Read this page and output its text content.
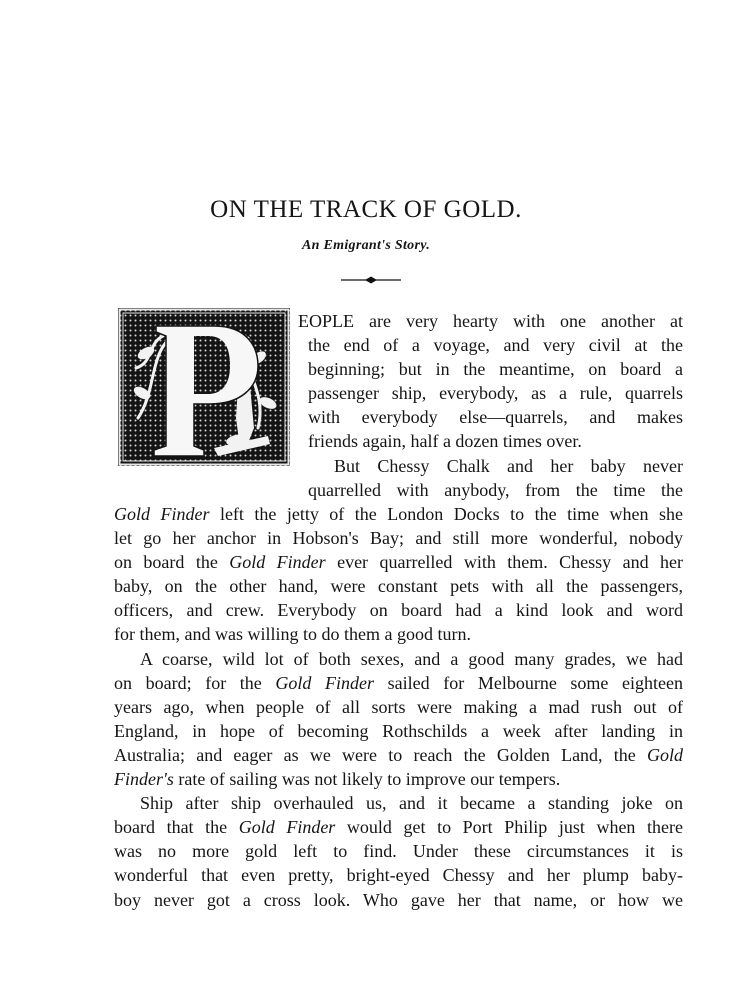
ON THE TRACK OF GOLD.
An Emigrant's Story.
EOPLE are very hearty with one another at
the end of a voyage, and very civil at the
beginning; but in the meantime, on board a
passenger ship, everybody, as a rule, quarrels
with everybody else—quarrels, and makes
friends again, half a dozen times over.
But Chessy Chalk and her baby never
quarrelled with anybody, from the time the
Gold Finder left the jetty of the London Docks to the time when she
let go her anchor in Hobson's Bay; and still more wonderful, nobody
on board the Gold Finder ever quarrelled with them. Chessy and her
baby, on the other hand, were constant pets with all the passengers,
officers, and crew. Everybody on board had a kind look and word
for them, and was willing to do them a good turn.
A coarse, wild lot of both sexes, and a good many grades, we had
on board; for the Gold Finder sailed for Melbourne some eighteen
years ago, when people of all sorts were making a mad rush out of
England, in hope of becoming Rothschilds a week after landing in
Australia; and eager as we were to reach the Golden Land, the Gold
Finder's rate of sailing was not likely to improve our tempers.
Ship after ship overhauled us, and it became a standing joke on
board that the Gold Finder would get to Port Philip just when there
was no more gold left to find. Under these circumstances it is
wonderful that even pretty, bright-eyed Chessy and her plump baby-
boy never got a cross look. Who gave her that name, or how we
